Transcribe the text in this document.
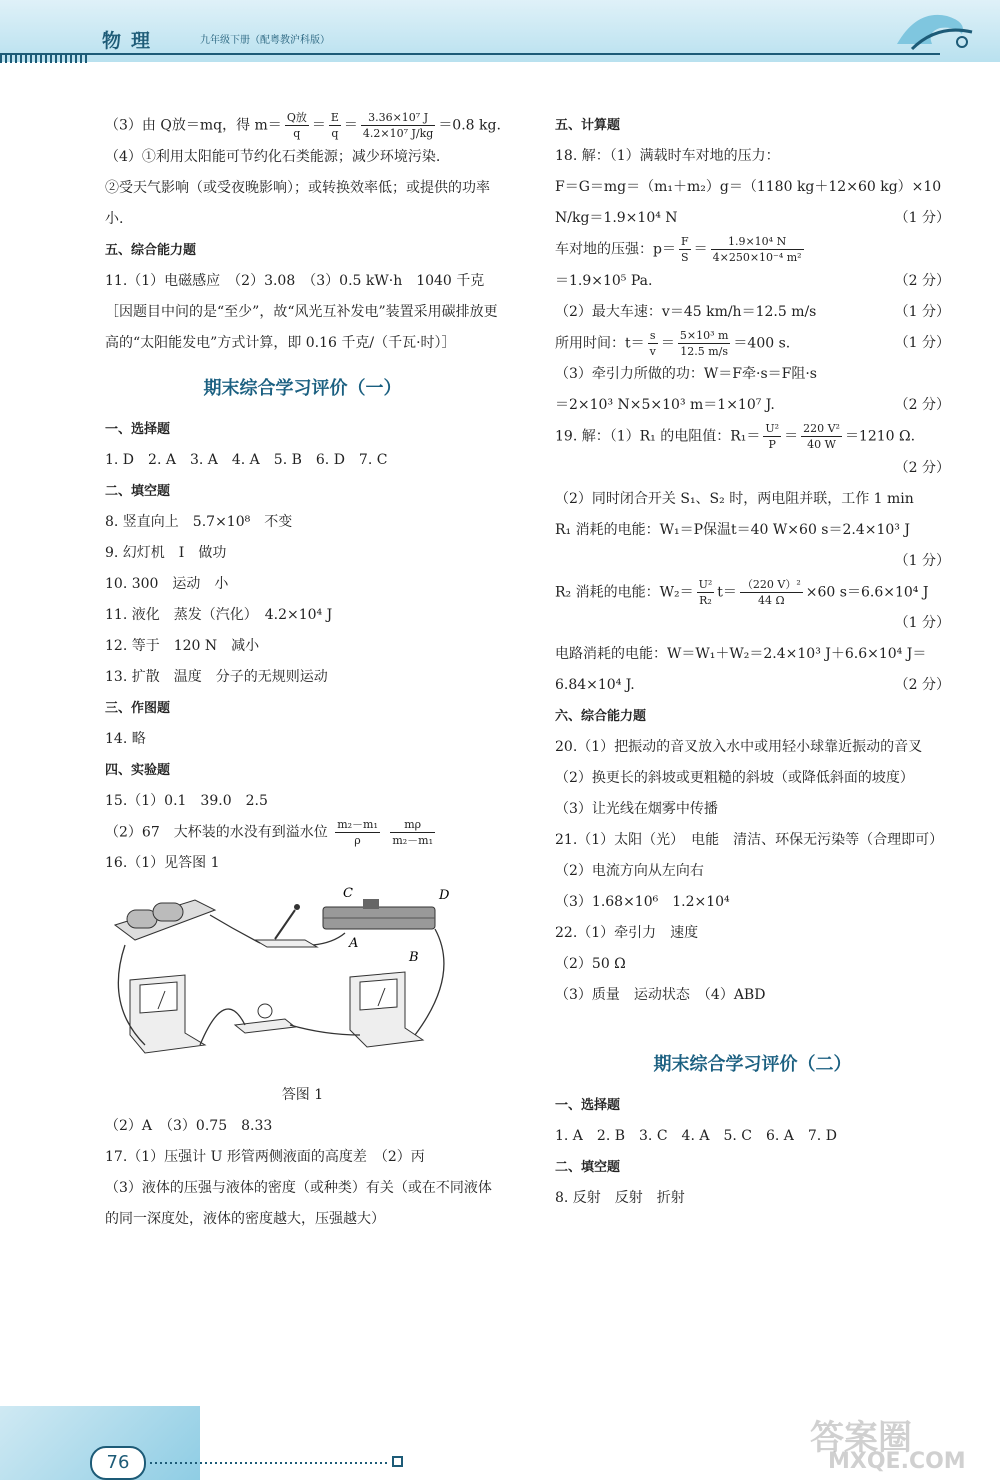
物理	九年级下册（配粤教沪科版）

（3）由 Q放＝mq，得 $m= \frac{\text{Q放}}{q} = \frac{E}{q} = \frac{\text{3.36×10⁷ J}}{\text{4.2×10⁷ J/kg}} =0.8$ kg.

（4）①利用太阳能可节约化石类能源；减少环境污染.

②受天气影响（或受夜晚影响）；或转换效率低；或提供的功率小.

五、综合能力题

11.（1）电磁感应　（2）3.08　（3）0.5 kW·h　1040 千克［因题目中问的是“至少”，故“风光互补发电”装置采用碳排放更高的“太阳能发电”方式计算，即 0.16 千克/（千瓦·时）］

期末综合学习评价（一）

一、选择题

1. D　2. A　3. A　4. A　5. B　6. D　7. C

二、填空题

8. 竖直向上　5.7×10⁸　不变

9. 幻灯机　I　做功

10. 300　运动　小

11. 液化　蒸发（汽化）　4.2×10⁴ J

12. 等于　120 N　减小

13. 扩散　温度　分子的无规则运动

三、作图题

14. 略

四、实验题

15.（1）0.1　39.0　2.5

（2）67　大杯装的水没有到溢水位 $\frac{\text{m₂－m₁}}{\rho}$
$\frac{m\rho}{\text{m₂－m₁}}$

16.（1）见答图 1

C	D
A
B

答图 1

（2）A　（3）0.75　8.33

17.（1）压强计 U 形管两侧液面的高度差　（2）丙

（3）液体的压强与液体的密度（或种类）有关（或在不同液体的同一深度处，液体的密度越大，压强越大）

五、计算题

18. 解：（1）满载时车对地的压力：

F＝G＝mg＝（m₁＋m₂）g＝（1180 kg＋12×60 kg）×10 N/kg＝1.9×10⁴ N	（1 分）

车对地的压强：$p= \frac{F}{S} = \frac{\text{1.9×10⁴ N}}{\text{4×250×10⁻⁴ m²}}$

＝1.9×10⁵ Pa.	（2 分）

（2）最大车速：v＝45 km/h＝12.5 m/s	（1 分）

所用时间：$t= \frac{s}{v} = \frac{\text{5×10³ m}}{12.5 m/s} =400$ s.	（1 分）

（3）牵引力所做的功：W＝F牵·s＝F阻·s

＝2×10³ N×5×10³ m＝1×10⁷ J.	（2 分）

19. 解：（1）R₁ 的电阻值：$R_1= \frac{\text{U²}}{P} = \frac{\text{220 V²}}{40 W} =1210$ Ω.

（2 分）

（2）同时闭合开关 S₁、S₂ 时，两电阻并联，工作 1 min

R₁ 消耗的电能：W₁＝P保温t＝40 W×60 s＝2.4×10³ J

（1 分）

R₂ 消耗的电能：$W_2= \frac{\text{U²}}{\text{R₂}} t= \frac{\text{（220 V）²}}{44 \Omega} \times 60$ s＝6.6×10⁴ J

（1 分）

电路消耗的电能：W＝W₁＋W₂＝2.4×10³ J＋6.6×10⁴ J＝6.84×10⁴ J.	（2 分）

六、综合能力题

20.（1）把振动的音叉放入水中或用轻小球靠近振动的音叉

（2）换更长的斜坡或更粗糙的斜坡（或降低斜面的坡度）

（3）让光线在烟雾中传播

21.（1）太阳（光）　电能　清洁、环保无污染等（合理即可）

（2）电流方向从左向右

（3）1.68×10⁶　1.2×10⁴

22.（1）牵引力　速度

（2）50 Ω

（3）质量　运动状态　（4）ABD

期末综合学习评价（二）

一、选择题

1. A　2. B　3. C　4. A　5. C　6. A　7. D

二、填空题

8. 反射　反射　折射

76
答案圈
MXQE.COM
